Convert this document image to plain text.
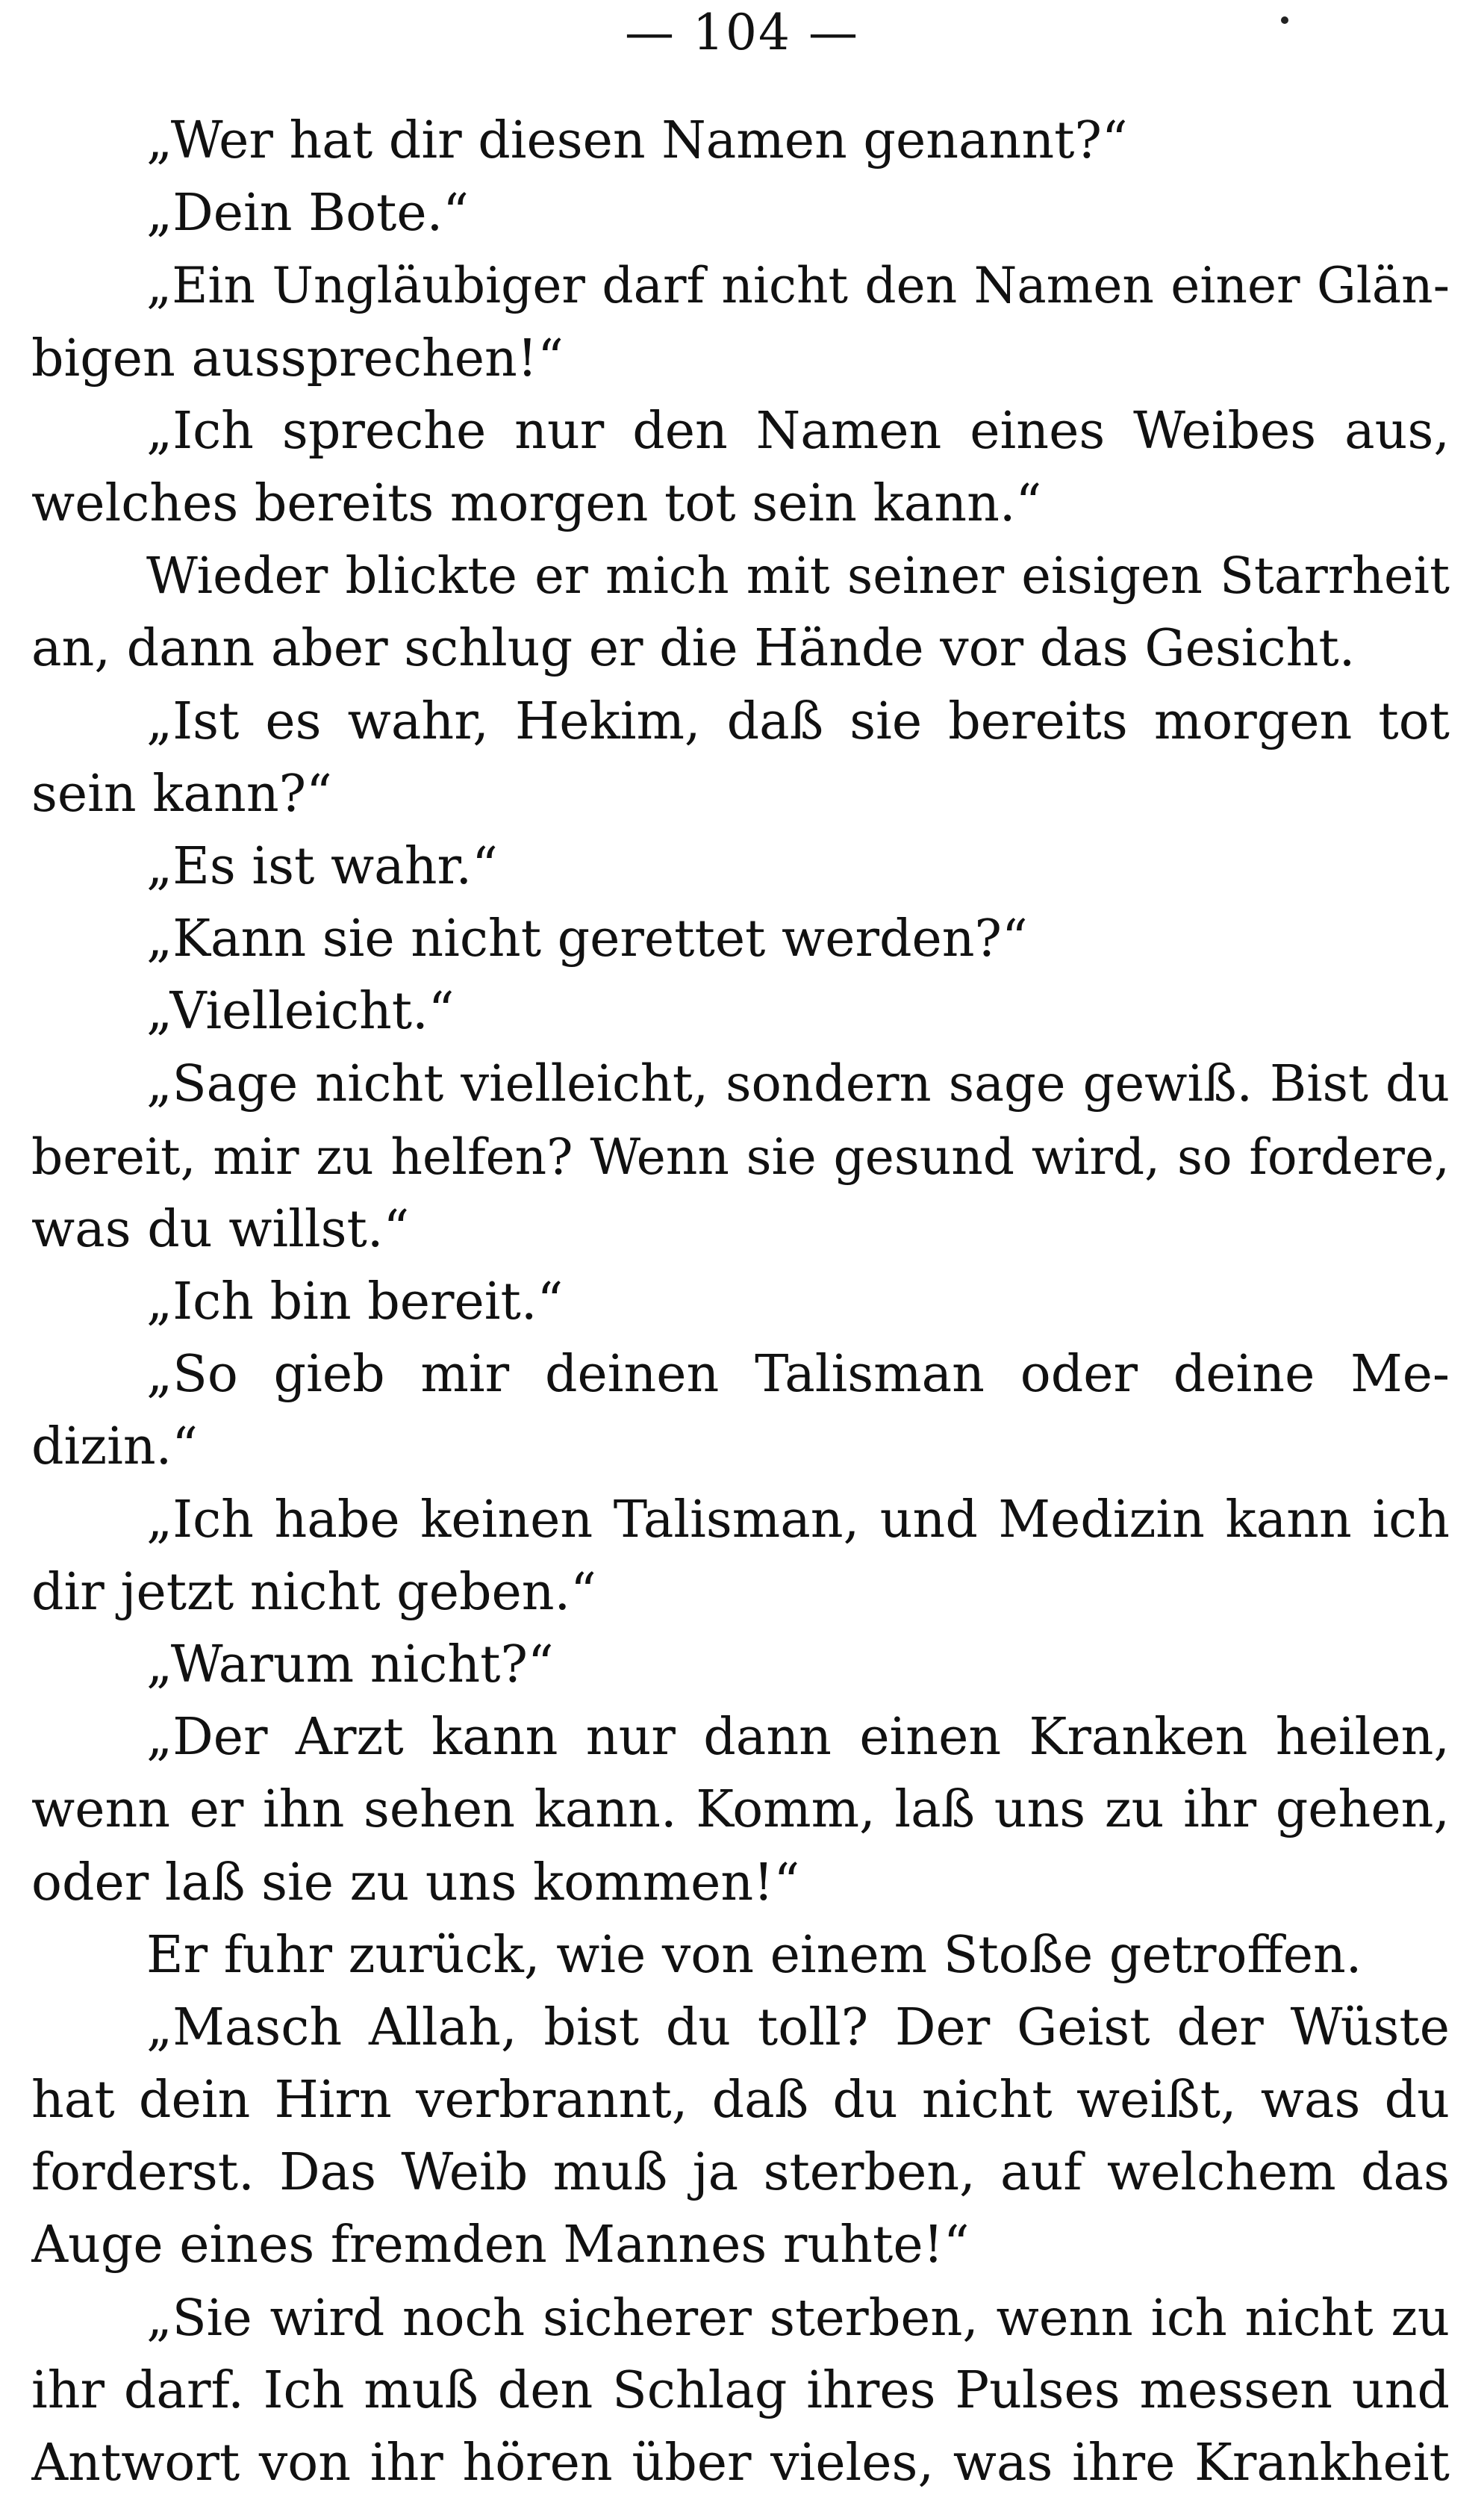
— 104 —
„Wer hat dir diesen Namen genannt?“
„Dein Bote.“
„Ein Ungläubiger darf nicht den Namen einer Glän-
bigen aussprechen!“
„Ich spreche nur den Namen eines Weibes aus,
welches bereits morgen tot sein kann.“
Wieder blickte er mich mit seiner eisigen Starrheit
an, dann aber schlug er die Hände vor das Gesicht.
„Ist es wahr, Hekim, daß sie bereits morgen tot
sein kann?“
„Es ist wahr.“
„Kann sie nicht gerettet werden?“
„Vielleicht.“
„Sage nicht vielleicht, sondern sage gewiß. Bist du
bereit, mir zu helfen? Wenn sie gesund wird, so fordere,
was du willst.“
„Ich bin bereit.“
„So gieb mir deinen Talisman oder deine Me-
dizin.“
„Ich habe keinen Talisman, und Medizin kann ich
dir jetzt nicht geben.“
„Warum nicht?“
„Der Arzt kann nur dann einen Kranken heilen,
wenn er ihn sehen kann. Komm, laß uns zu ihr gehen,
oder laß sie zu uns kommen!“
Er fuhr zurück, wie von einem Stoße getroffen.
„Masch Allah, bist du toll? Der Geist der Wüste
hat dein Hirn verbrannt, daß du nicht weißt, was du
forderst. Das Weib muß ja sterben, auf welchem das
Auge eines fremden Mannes ruhte!“
„Sie wird noch sicherer sterben, wenn ich nicht zu
ihr darf. Ich muß den Schlag ihres Pulses messen und
Antwort von ihr hören über vieles, was ihre Krankheit
